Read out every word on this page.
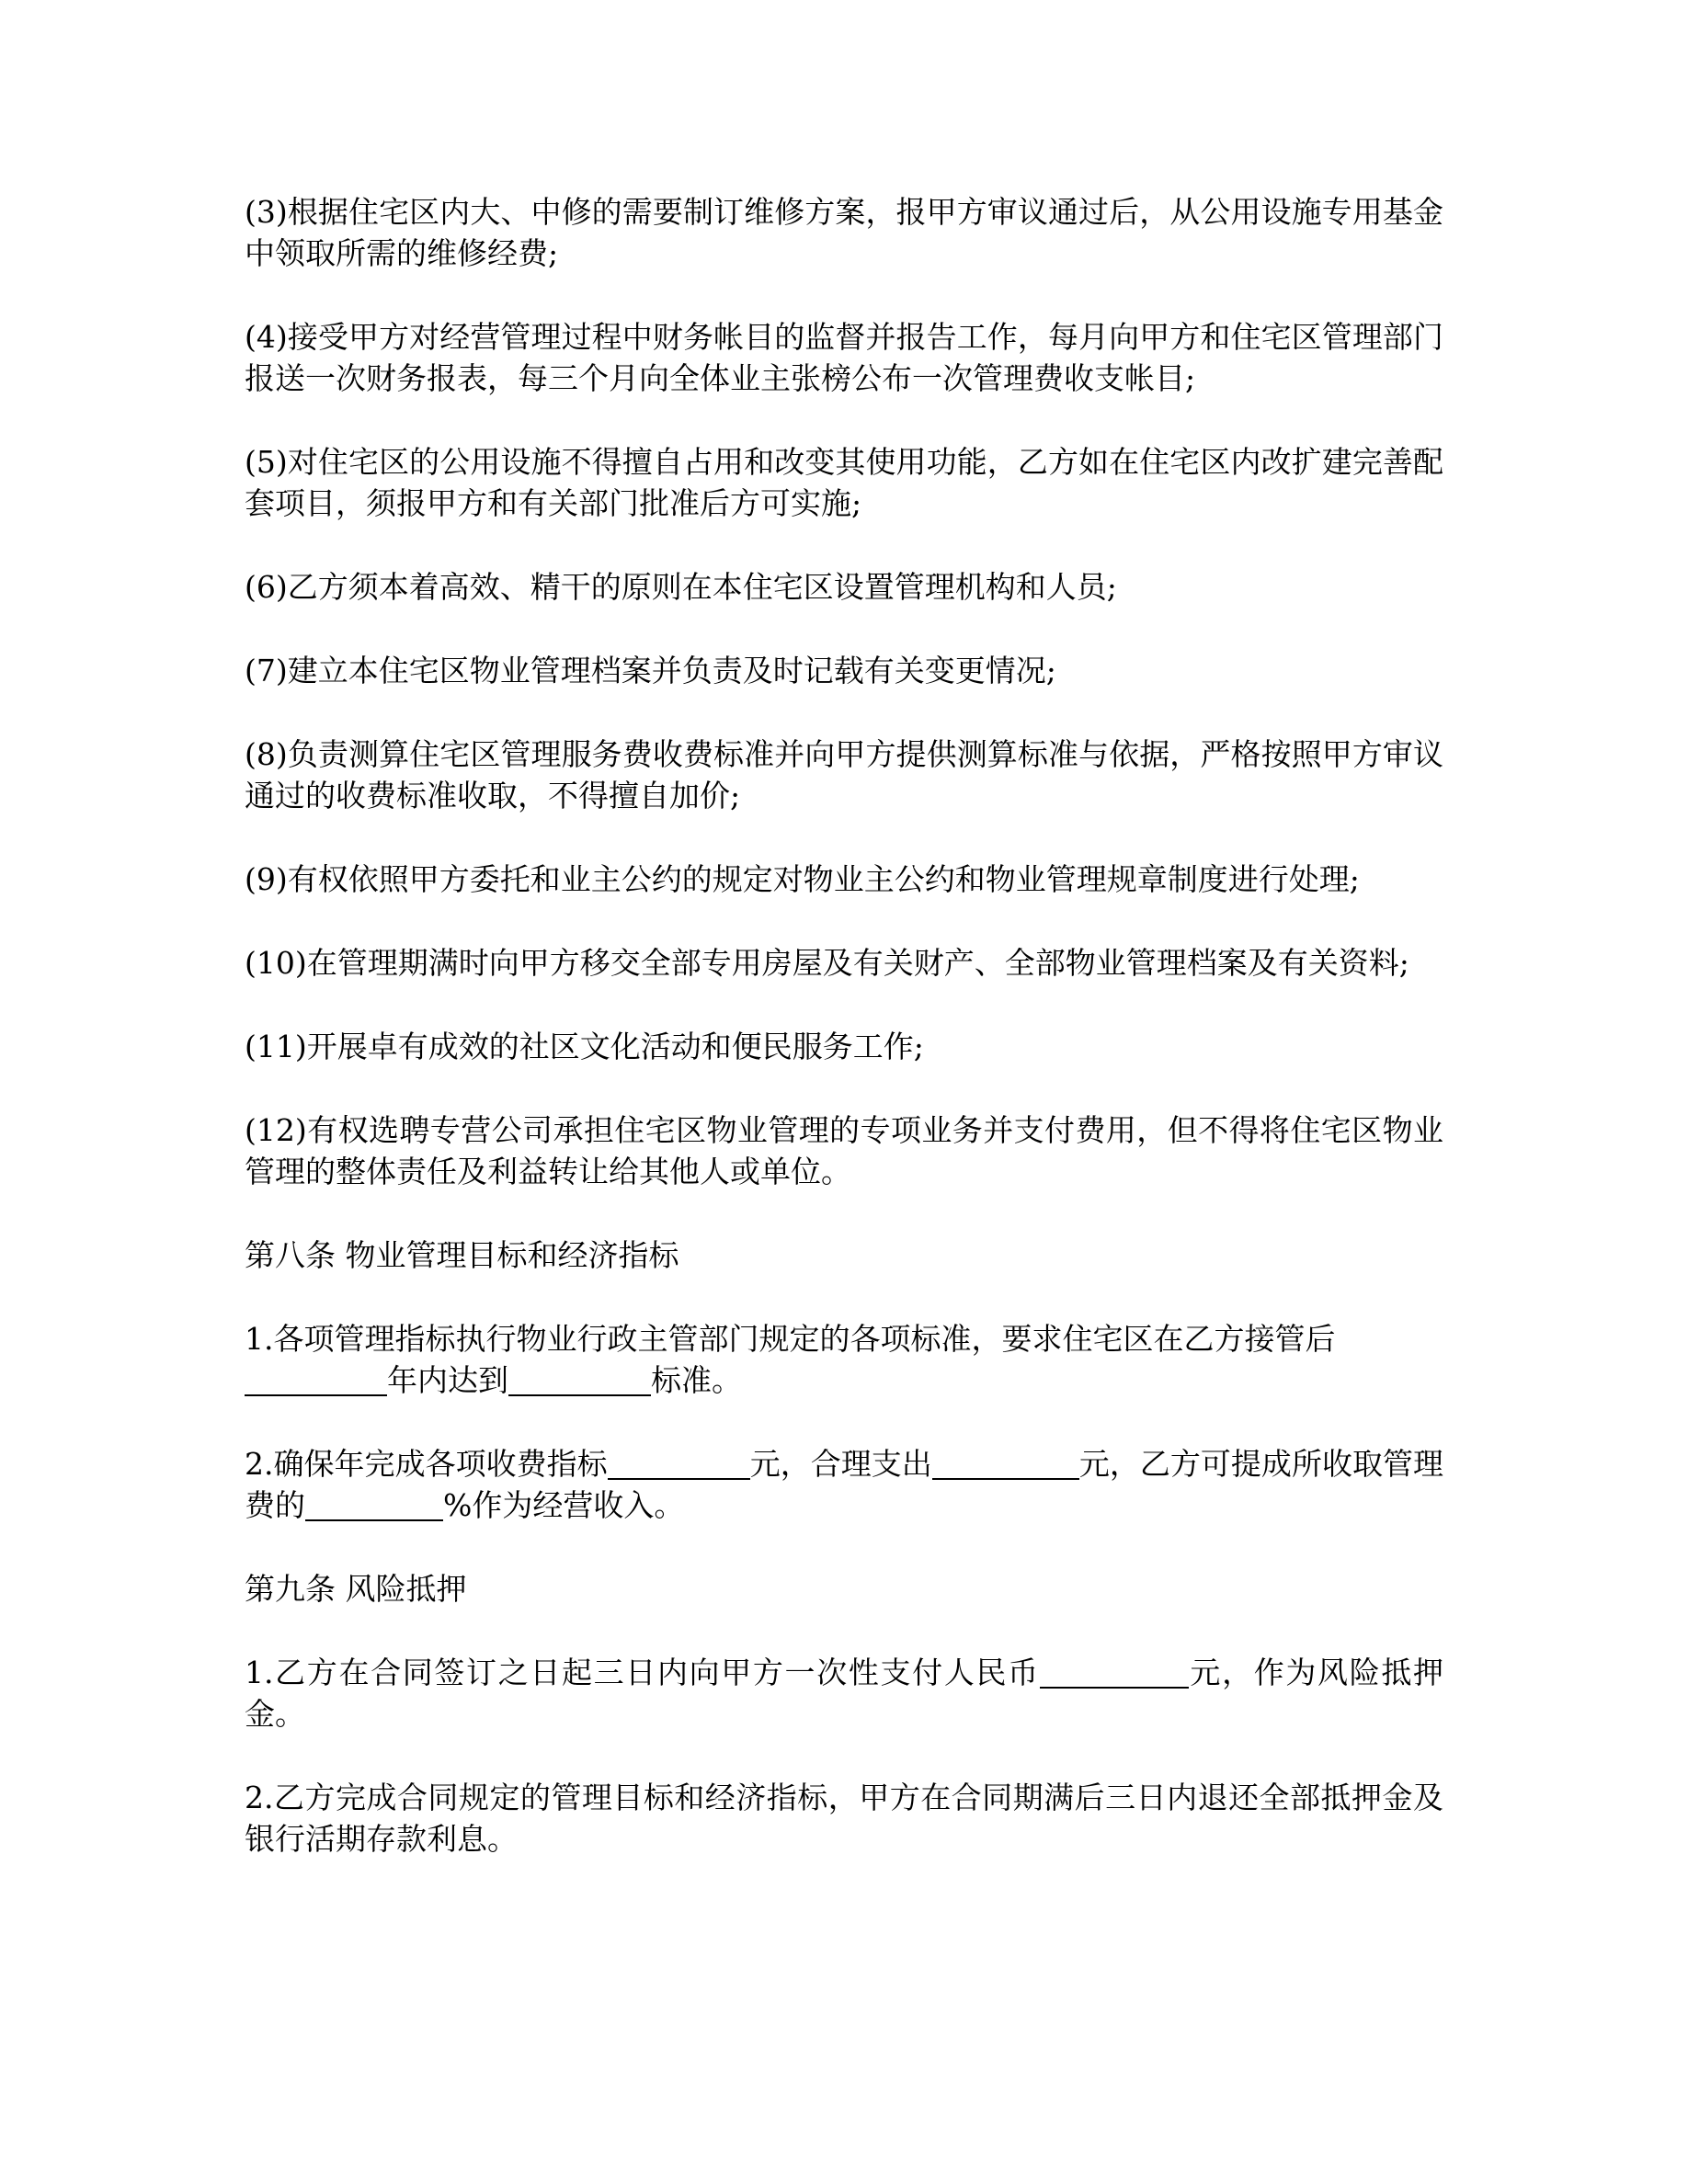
(3)根据住宅区内大、中修的需要制订维修方案，报甲方审议通过后，从公用设施专用基金中领取所需的维修经费;

(4)接受甲方对经营管理过程中财务帐目的监督并报告工作，每月向甲方和住宅区管理部门报送一次财务报表，每三个月向全体业主张榜公布一次管理费收支帐目;

(5)对住宅区的公用设施不得擅自占用和改变其使用功能，乙方如在住宅区内改扩建完善配套项目，须报甲方和有关部门批准后方可实施;

(6)乙方须本着高效、精干的原则在本住宅区设置管理机构和人员;

(7)建立本住宅区物业管理档案并负责及时记载有关变更情况;

(8)负责测算住宅区管理服务费收费标准并向甲方提供测算标准与依据，严格按照甲方审议通过的收费标准收取，不得擅自加价;

(9)有权依照甲方委托和业主公约的规定对物业主公约和物业管理规章制度进行处理;

(10)在管理期满时向甲方移交全部专用房屋及有关财产、全部物业管理档案及有关资料;

(11)开展卓有成效的社区文化活动和便民服务工作;

(12)有权选聘专营公司承担住宅区物业管理的专项业务并支付费用，但不得将住宅区物业管理的整体责任及利益转让给其他人或单位。

第八条 物业管理目标和经济指标

1.各项管理指标执行物业行政主管部门规定的各项标准，要求住宅区在乙方接管后
年内达到	标准。

2.确保年完成各项收费指标	元，合理支出	元，乙方可提成所收取管理费的	%作为经营收入。

第九条 风险抵押

1.乙方在合同签订之日起三日内向甲方一次性支付人民币	元，作为风险抵押金。

2.乙方完成合同规定的管理目标和经济指标，甲方在合同期满后三日内退还全部抵押金及银行活期存款利息。
